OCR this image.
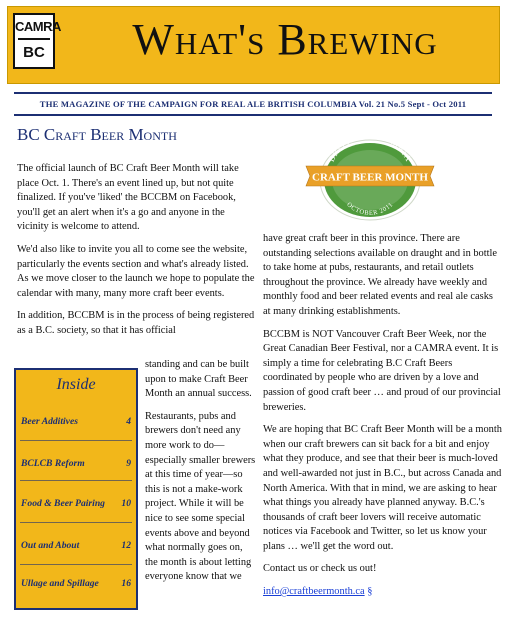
CAMRA
BC	What's Brewing
THE MAGAZINE OF THE CAMPAIGN FOR REAL ALE BRITISH COLUMBIA Vol. 21 No.5 Sept - Oct 2011
BC Craft Beer Month
BRITISH COLUMBIA
CRAFT BEER MONTH
OCTOBER 2011

The official launch of BC Craft Beer Month will take place Oct. 1. There's an event lined up, but not quite finalized. If you've 'liked' the BCCBM on Facebook, you'll get an alert when it's a go and anyone in the vicinity is welcome to attend.

We'd also like to invite you all to come see the website, particularly the events section and what's already listed. As we move closer to the launch we hope to populate the calendar with many, many more craft beer events.

In addition, BCCBM is in the process of being registered as a B.C. society, so that it has official

standing and can be built upon to make Craft Beer Month an annual success.

Restaurants, pubs and brewers don't need any more work to do—especially smaller brewers at this time of year—so this is not a make-work project. While it will be nice to see some special events above and beyond what normally goes on, the month is about letting everyone know that we

have great craft beer in this province. There are outstanding selections available on draught and in bottle to take home at pubs, restaurants, and retail outlets throughout the province. We already have weekly and monthly food and beer related events and real ale casks at many drinking establishments.

BCCBM is NOT Vancouver Craft Beer Week, nor the Great Canadian Beer Festival, nor a CAMRA event. It is simply a time for celebrating B.C Craft Beers coordinated by people who are driven by a love and passion of good craft beer … and proud of our provincial breweries.

We are hoping that BC Craft Beer Month will be a month when our craft brewers can sit back for a bit and enjoy what they produce, and see that their beer is much-loved and well-awarded not just in B.C., but across Canada and North America. With that in mind, we are asking to hear what things you already have planned anyway. B.C.'s thousands of craft beer lovers will receive automatic notices via Facebook and Twitter, so let us know your plans … we'll get the word out.

Contact us or check us out!

info@craftbeermonth.ca §

Inside
Beer Additives	4
BCLCB Reform	9
Food & Beer Pairing 10
Out and About	12
Ullage and Spillage 16
